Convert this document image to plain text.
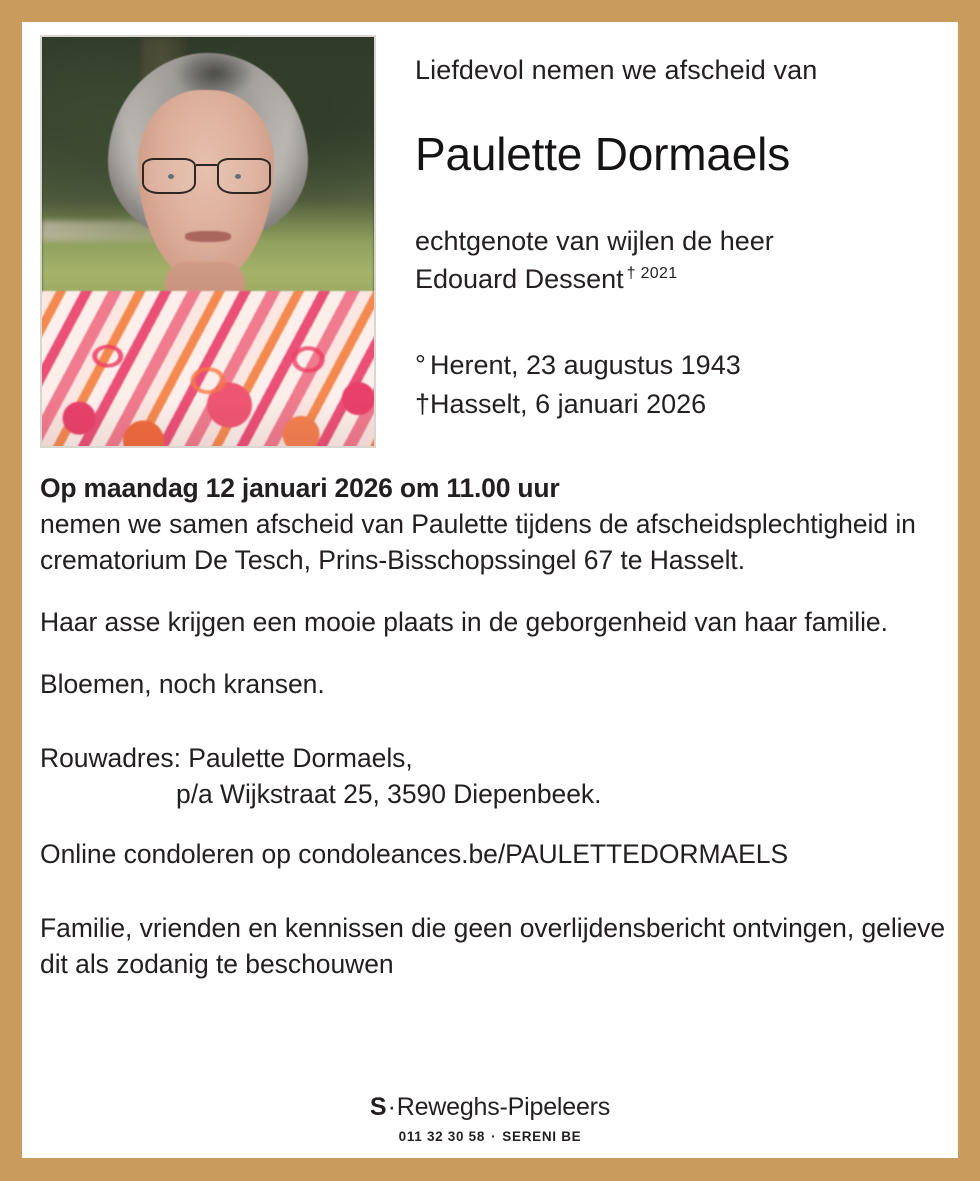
Liefdevol nemen we afscheid van
Paulette Dormaels
echtgenote van wijlen de heer
Edouard Dessent $^{\dagger 2021}$
° Herent, 23 augustus 1943
†Hasselt, 6 januari 2026

Op maandag 12 januari 2026 om 11.00 uur
nemen we samen afscheid van Paulette tijdens de afscheidsplechtigheid in crematorium De Tesch, Prins-Bisschopssingel 67 te Hasselt.

Haar asse krijgen een mooie plaats in de geborgenheid van haar familie.

Bloemen, noch kransen.

Rouwadres: Paulette Dormaels,

p/a Wijkstraat 25, 3590 Diepenbeek.

Online condoleren op condoleances.be/PAULETTEDORMAELS

Familie, vrienden en kennissen die geen overlijdensbericht ontvingen, gelieve dit als zodanig te beschouwen

S·Reweghs-Pipeleers
011 32 30 58 · SERENI BE
